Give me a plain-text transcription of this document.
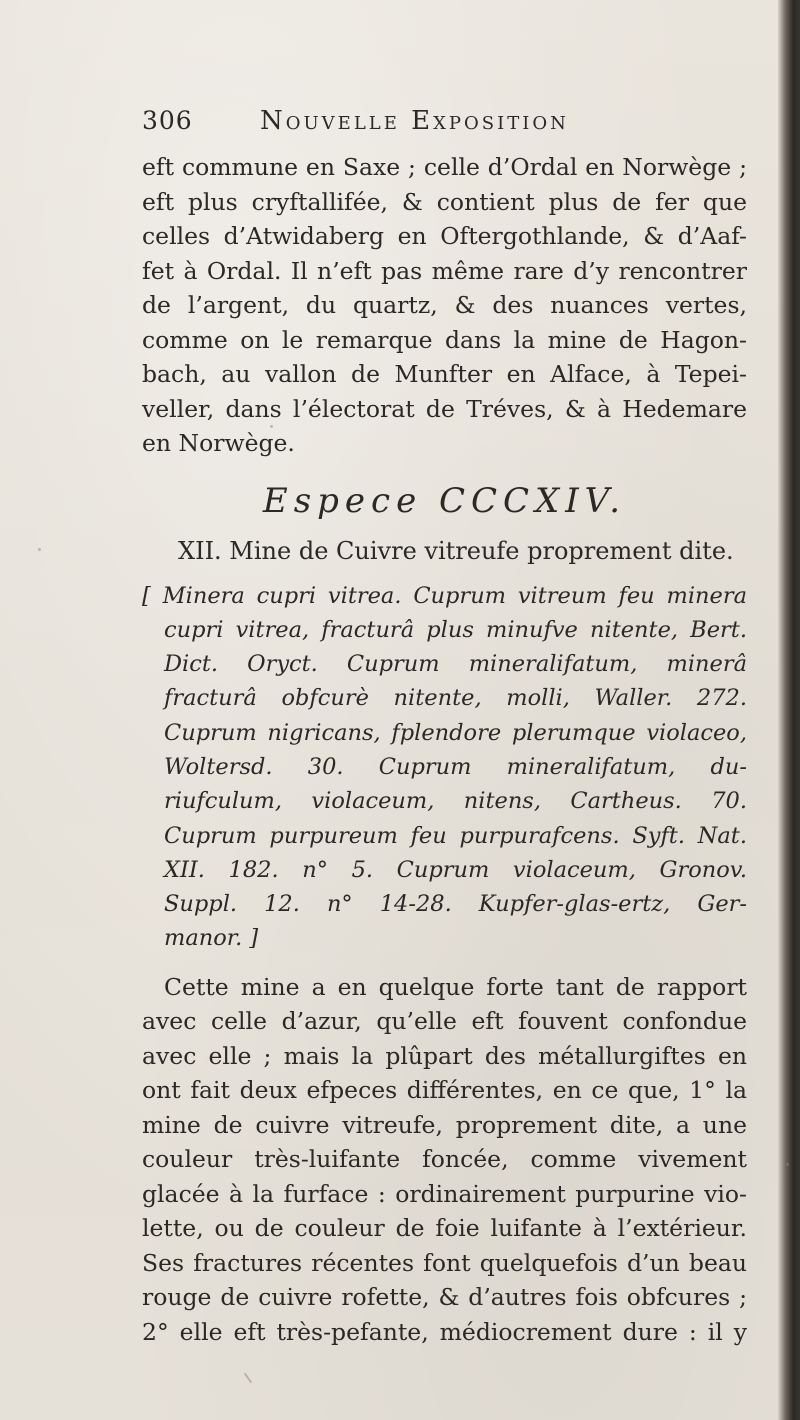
306	Nouvelle Exposition
eft commune en Saxe ; celle d’Ordal en Norwège ;
eft plus cryftallifée, & contient plus de fer que
celles d’Atwidaberg en Oftergothlande, & d’Aaf-
fet à Ordal. Il n’eft pas même rare d’y rencontrer
de l’argent, du quartz, & des nuances vertes,
comme on le remarque dans la mine de Hagon-
bach, au vallon de Munfter en Alface, à Tepei-
veller, dans l’électorat de Tréves, & à Hedemare
en Norwège.
Espece CCCXIV.
XII. Mine de Cuivre vitreufe proprement dite.
[ Minera cupri vitrea. Cuprum vitreum feu minera
cupri vitrea, fracturâ plus minufve nitente, Bert.
Dict. Oryct. Cuprum mineralifatum, minerâ
fracturâ obfcurè nitente, molli, Waller. 272.
Cuprum nigricans, fplendore plerumque violaceo,
Woltersd. 30. Cuprum mineralifatum, du-
riufculum, violaceum, nitens, Cartheus. 70.
Cuprum purpureum feu purpurafcens. Syft. Nat.
XII. 182. n° 5. Cuprum violaceum, Gronov.
Suppl. 12. n° 14-28. Kupfer-glas-ertz, Ger-
manor. ]
Cette mine a en quelque forte tant de rapport
avec celle d’azur, qu’elle eft fouvent confondue
avec elle ; mais la plûpart des métallurgiftes en
ont fait deux efpeces différentes, en ce que, 1° la
mine de cuivre vitreufe, proprement dite, a une
couleur très-luifante foncée, comme vivement
glacée à la furface : ordinairement purpurine vio-
lette, ou de couleur de foie luifante à l’extérieur.
Ses fractures récentes font quelquefois d’un beau
rouge de cuivre rofette, & d’autres fois obfcures ;
2° elle eft très-pefante, médiocrement dure : il y
